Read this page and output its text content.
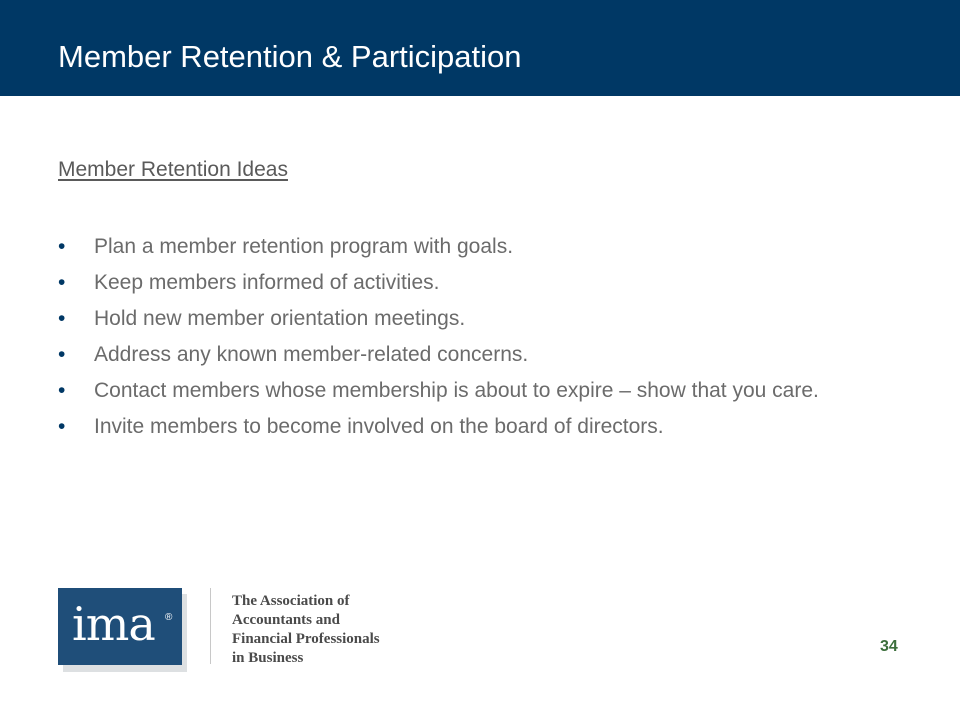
Member Retention & Participation
Member Retention Ideas
• Plan a member retention program with goals.
• Keep members informed of activities.
• Hold new member orientation meetings.
• Address any known member-related concerns.
• Contact members whose membership is about to expire – show that you care.
• Invite members to become involved on the board of directors.
ima ®
The Association of
Accountants and
Financial Professionals
in Business
34
